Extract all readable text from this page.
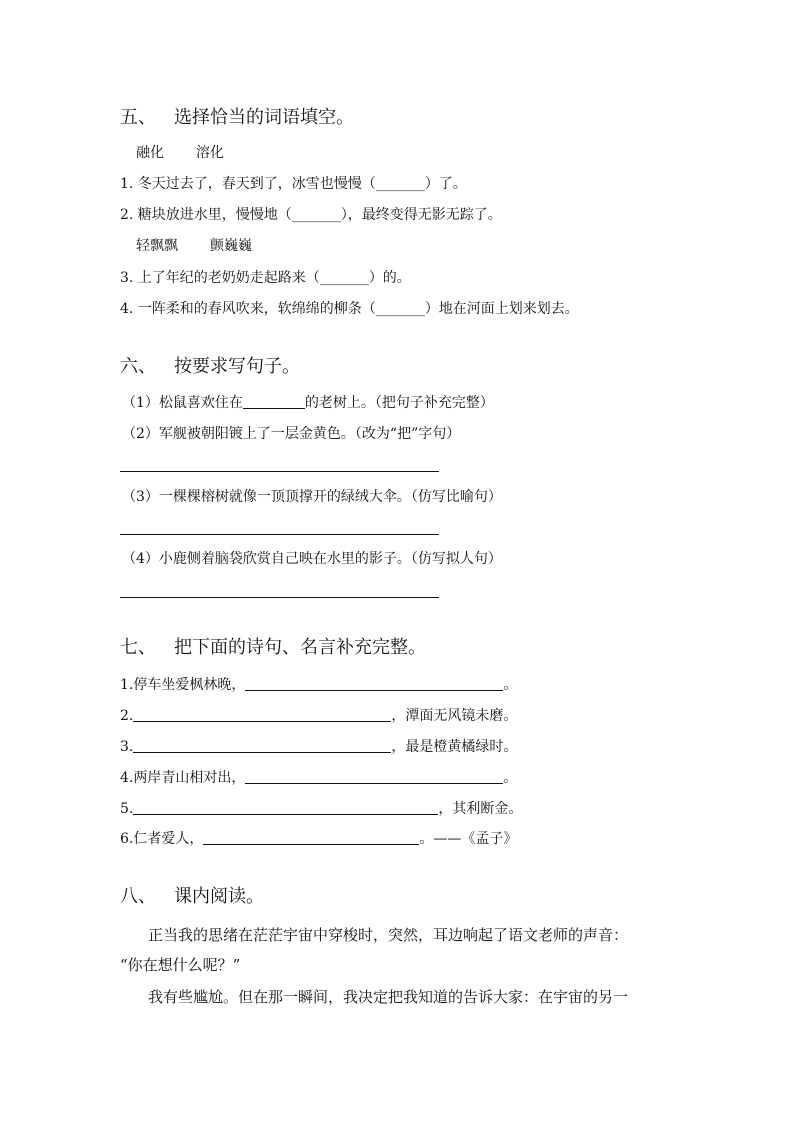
五、 选择恰当的词语填空。
融化 溶化
1. 冬天过去了，春天到了，冰雪也慢慢（_______）了。
2. 糖块放进水里，慢慢地（_______），最终变得无影无踪了。
轻飘飘 颤巍巍
3. 上了年纪的老奶奶走起路来（_______）的。
4. 一阵柔和的春风吹来，软绵绵的柳条（_______）地在河面上划来划去。
六、 按要求写句子。
（1）松鼠喜欢住在	的老树上。（把句子补充完整）
（2）军舰被朝阳镀上了一层金黄色。（改为“把”字句）
（3）一棵棵榕树就像一顶顶撑开的绿绒大伞。（仿写比喻句）
（4）小鹿侧着脑袋欣赏自己映在水里的影子。（仿写拟人句）
七、 把下面的诗句、名言补充完整。
1.停车坐爱枫林晚，	。
2.	，潭面无风镜未磨。
3.	，最是橙黄橘绿时。
4.两岸青山相对出，	。
5.	，其利断金。
6.仁者爱人，	。——《孟子》
八、 课内阅读。
正当我的思绪在茫茫宇宙中穿梭时，突然，耳边响起了语文老师的声音：
“你在想什么呢？”
我有些尴尬。但在那一瞬间，我决定把我知道的告诉大家：在宇宙的另一
